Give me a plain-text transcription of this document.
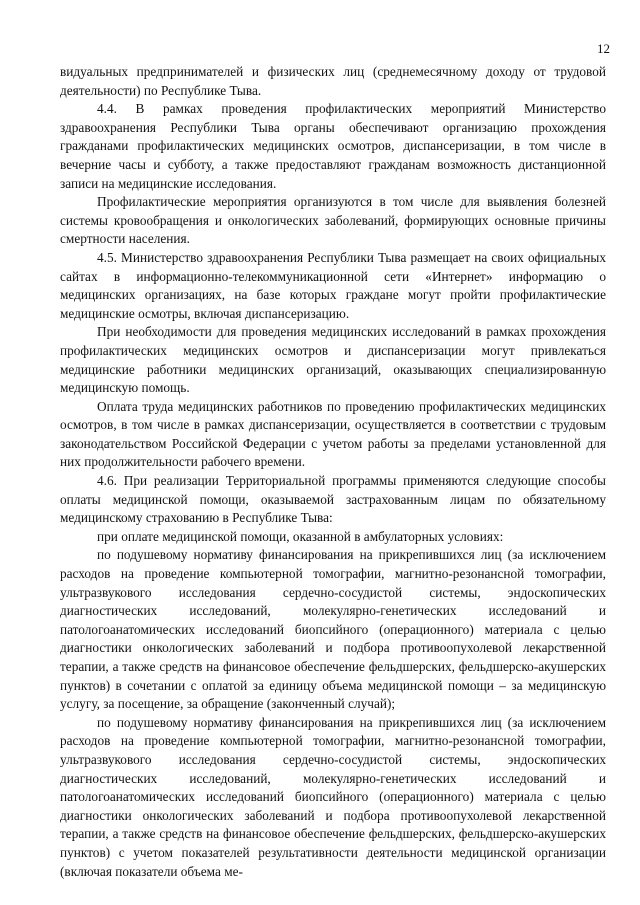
12

видуальных предпринимателей и физических лиц (среднемесячному доходу от трудовой деятельности) по Республике Тыва.

4.4. В рамках проведения профилактических мероприятий Министерство здравоохранения Республики Тыва органы обеспечивают организацию прохождения гражданами профилактических медицинских осмотров, диспансеризации, в том числе в вечерние часы и субботу, а также предоставляют гражданам возможность дистанционной записи на медицинские исследования.

Профилактические мероприятия организуются в том числе для выявления болезней системы кровообращения и онкологических заболеваний, формирующих основные причины смертности населения.

4.5. Министерство здравоохранения Республики Тыва размещает на своих официальных сайтах в информационно-телекоммуникационной сети «Интернет» информацию о медицинских организациях, на базе которых граждане могут пройти профилактические медицинские осмотры, включая диспансеризацию.

При необходимости для проведения медицинских исследований в рамках прохождения профилактических медицинских осмотров и диспансеризации могут привлекаться медицинские работники медицинских организаций, оказывающих специализированную медицинскую помощь.

Оплата труда медицинских работников по проведению профилактических медицинских осмотров, в том числе в рамках диспансеризации, осуществляется в соответствии с трудовым законодательством Российской Федерации с учетом работы за пределами установленной для них продолжительности рабочего времени.

4.6. При реализации Территориальной программы применяются следующие способы оплаты медицинской помощи, оказываемой застрахованным лицам по обязательному медицинскому страхованию в Республике Тыва:

при оплате медицинской помощи, оказанной в амбулаторных условиях:

по подушевому нормативу финансирования на прикрепившихся лиц (за исключением расходов на проведение компьютерной томографии, магнитно-резонансной томографии, ультразвукового исследования сердечно-сосудистой системы, эндоскопических диагностических исследований, молекулярно-генетических исследований и патологоанатомических исследований биопсийного (операционного) материала с целью диагностики онкологических заболеваний и подбора противоопухолевой лекарственной терапии, а также средств на финансовое обеспечение фельдшерских, фельдшерско-акушерских пунктов) в сочетании с оплатой за единицу объема медицинской помощи – за медицинскую услугу, за посещение, за обращение (законченный случай);

по подушевому нормативу финансирования на прикрепившихся лиц (за исключением расходов на проведение компьютерной томографии, магнитно-резонансной томографии, ультразвукового исследования сердечно-сосудистой системы, эндоскопических диагностических исследований, молекулярно-генетических исследований и патологоанатомических исследований биопсийного (операционного) материала с целью диагностики онкологических заболеваний и подбора противоопухолевой лекарственной терапии, а также средств на финансовое обеспечение фельдшерских, фельдшерско-акушерских пунктов) с учетом показателей результативности деятельности медицинской организации (включая показатели объема ме-
